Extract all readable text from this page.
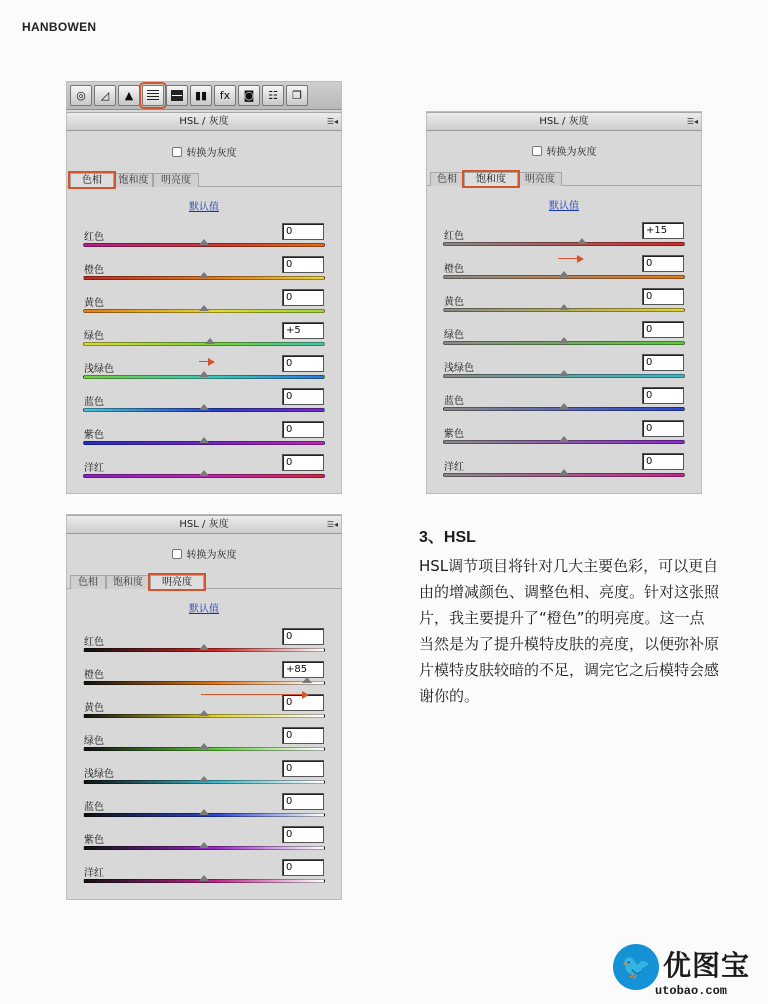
HANBOWEN
◎	◿	▲	▮▮	fx	◙	☷	❐
HSL / 灰度	☰◂
转换为灰度
色相	饱和度	明亮度
默认值
红色
0
橙色
0
黄色
0
绿色
+5
浅绿色
0
蓝色
0
紫色
0
洋红
0
HSL / 灰度	☰◂
转换为灰度
色相	饱和度	明亮度
默认值
红色
+15
橙色
0
黄色
0
绿色
0
浅绿色
0
蓝色
0
紫色
0
洋红
0
HSL / 灰度	☰◂
转换为灰度
色相	饱和度	明亮度
默认值
红色
0
橙色
+85
黄色
0
绿色
0
浅绿色
0
蓝色
0
紫色
0
洋红
0
3、HSL

HSL调节项目将针对几大主要色彩，可以更自由的增减颜色、调整色相、亮度。针对这张照片，我主要提升了“橙色”的明亮度。这一点当然是为了提升模特皮肤的亮度，以便弥补原片模特皮肤较暗的不足，调完它之后模特会感谢你的。

🐦 优图宝
utobao.com
